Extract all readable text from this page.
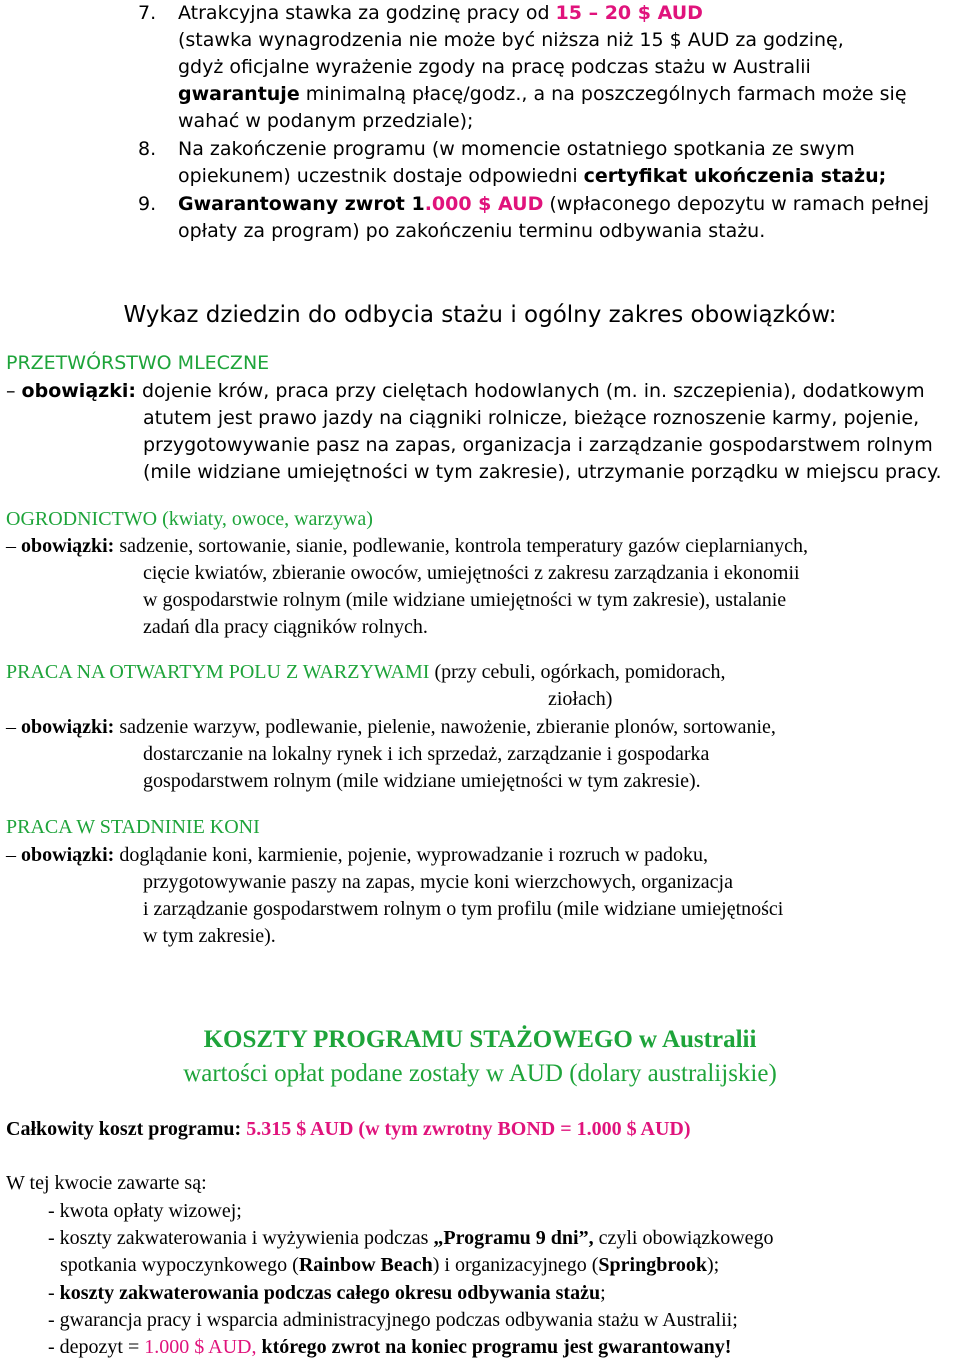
7. Atrakcyjna stawka za godzinę pracy od 15 – 20 $ AUD
(stawka wynagrodzenia nie może być niższa niż 15 $ AUD za godzinę,
gdyż oficjalne wyrażenie zgody na pracę podczas stażu w Australii
gwarantuje minimalną płacę/godz., a na poszczególnych farmach może się
wahać w podanym przedziale);
8. Na zakończenie programu (w momencie ostatniego spotkania ze swym
opiekunem) uczestnik dostaje odpowiedni certyfikat ukończenia stażu;
9. Gwarantowany zwrot 1.000 $ AUD (wpłaconego depozytu w ramach pełnej
opłaty za program) po zakończeniu terminu odbywania stażu.
Wykaz dziedzin do odbycia stażu i ogólny zakres obowiązków:
PRZETWÓRSTWO MLECZNE
– obowiązki: dojenie krów, praca przy cielętach hodowlanych (m. in. szczepienia), dodatkowym
atutem jest prawo jazdy na ciągniki rolnicze, bieżące roznoszenie karmy, pojenie,
przygotowywanie pasz na zapas, organizacja i zarządzanie gospodarstwem rolnym
(mile widziane umiejętności w tym zakresie), utrzymanie porządku w miejscu pracy.
OGRODNICTWO (kwiaty, owoce, warzywa)
– obowiązki: sadzenie, sortowanie, sianie, podlewanie, kontrola temperatury gazów cieplarnianych,
cięcie kwiatów, zbieranie owoców, umiejętności z zakresu zarządzania i ekonomii
w gospodarstwie rolnym (mile widziane umiejętności w tym zakresie), ustalanie
zadań dla pracy ciągników rolnych.
PRACA NA OTWARTYM POLU Z WARZYWAMI (przy cebuli, ogórkach, pomidorach,
ziołach)
– obowiązki: sadzenie warzyw, podlewanie, pielenie, nawożenie, zbieranie plonów, sortowanie,
dostarczanie na lokalny rynek i ich sprzedaż, zarządzanie i gospodarka
gospodarstwem rolnym (mile widziane umiejętności w tym zakresie).
PRACA W STADNINIE KONI
– obowiązki: doglądanie koni, karmienie, pojenie, wyprowadzanie i rozruch w padoku,
przygotowywanie paszy na zapas, mycie koni wierzchowych, organizacja
i zarządzanie gospodarstwem rolnym o tym profilu (mile widziane umiejętności
w tym zakresie).
KOSZTY PROGRAMU STAŻOWEGO w Australii
wartości opłat podane zostały w AUD (dolary australijskie)
Całkowity koszt programu: 5.315 $ AUD (w tym zwrotny BOND = 1.000 $ AUD)
W tej kwocie zawarte są:
- kwota opłaty wizowej;
- koszty zakwaterowania i wyżywienia podczas „Programu 9 dni”, czyli obowiązkowego
spotkania wypoczynkowego (Rainbow Beach) i organizacyjnego (Springbrook);
- koszty zakwaterowania podczas całego okresu odbywania stażu;
- gwarancja pracy i wsparcia administracyjnego podczas odbywania stażu w Australii;
- depozyt = 1.000 $ AUD, którego zwrot na koniec programu jest gwarantowany!
